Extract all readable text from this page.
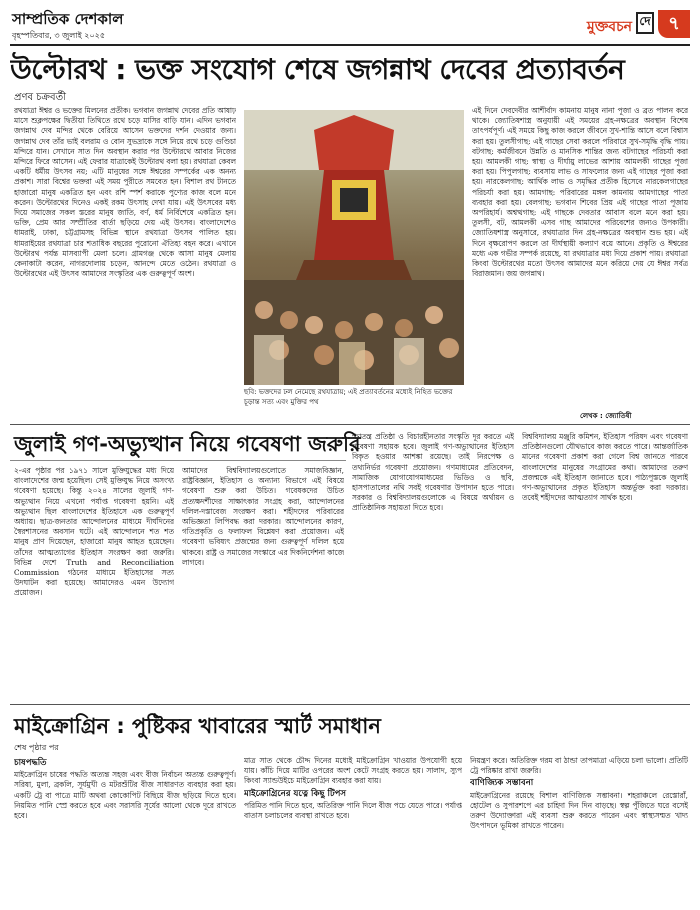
সাম্প্রতিক দেশকাল
বৃহস্পতিবার, ৩ জুলাই ২০২৫
মুক্তবচন দে ৭
উল্টোরথ : ভক্ত সংযোগ শেষে জগন্নাথ দেবের প্রত্যাবর্তন
প্রণব চক্রবর্তী

রথযাত্রা ঈশ্বর ও ভক্তের মিলনের প্রতীক। ভগবান জগন্নাথ দেবের প্রতি আষাঢ় মাসে শুক্লপক্ষের দ্বিতীয়া তিথিতে রথে চড়ে মাসির বাড়ি যান। এদিন ভগবান জগন্নাথ দেব মন্দির থেকে বেরিয়ে আসেন ভক্তদের দর্শন দেওয়ার জন্য। জগন্নাথ দেব তাঁর ভাই বলরাম ও বোন সুভদ্রাকে সঙ্গে নিয়ে রথে চড়ে গুণ্ডিচা মন্দিরে যান। সেখানে সাত দিন অবস্থান করার পর উল্টোরথে আবার নিজের মন্দিরে ফিরে আসেন। এই ফেরার যাত্রাকেই উল্টোরথ বলা হয়। রথযাত্রা কেবল একটি ধর্মীয় উৎসব নয়; এটি মানুষের সঙ্গে ঈশ্বরের সম্পর্কের এক অনন্য প্রকাশ। সারা বিশ্বের ভক্তরা এই সময় পুরীতে সমবেত হন। বিশাল রথ টানতে হাজারো মানুষ একত্রিত হন এবং রশি স্পর্শ করাকে পুণ্যের কাজ বলে মনে করেন। উল্টোরথের দিনেও একই রকম উৎসাহ দেখা যায়। এই উৎসবের মধ্য দিয়ে সমাজের সকল স্তরের মানুষ জাতি, বর্ণ, ধর্ম নির্বিশেষে একত্রিত হন। ভক্তি, প্রেম আর সম্প্রীতির বার্তা ছড়িয়ে দেয় এই উৎসব। বাংলাদেশেও ধামরাই, ঢাকা, চট্টগ্রামসহ বিভিন্ন স্থানে রথযাত্রা উৎসব পালিত হয়। ধামরাইয়ের রথযাত্রা চার শতাধিক বছরের পুরোনো ঐতিহ্য বহন করে। এখানে উল্টোরথ পর্যন্ত মাসব্যাপী মেলা চলে। গ্রামগঞ্জ থেকে আসা মানুষ মেলায় কেনাকাটা করেন, নাগরদোলায় চড়েন, আনন্দে মেতে ওঠেন। রথযাত্রা ও উল্টোরথের এই উৎসব আমাদের সংস্কৃতির এক গুরুত্বপূর্ণ অংশ।

ছবি: ভক্তদের ঢল নেমেছে রথযাত্রায়; এই প্রত্যাবর্তনের মধ্যেই নিহিত ভক্তের চূড়ান্ত সত্য এবং মুক্তির পথ

এই দিনে দেবদেবীর আশীর্বাদ কামনায় মানুষ নানা পূজা ও ব্রত পালন করে থাকে। জ্যোতিষশাস্ত্র অনুযায়ী এই সময়ের গ্রহ-নক্ষত্রের অবস্থান বিশেষ তাৎপর্যপূর্ণ। এই সময়ে কিছু কাজ করলে জীবনে সুখ-শান্তি আসে বলে বিশ্বাস করা হয়। তুলসীগাছ: এই গাছের সেবা করলে পরিবারে সুখ-সমৃদ্ধি বৃদ্ধি পায়। বটগাছ: কর্মজীবনে উন্নতি ও মানসিক শান্তির জন্য বটগাছের পরিচর্যা করা হয়। আমলকী গাছ: স্বাস্থ্য ও দীর্ঘায়ু লাভের আশায় আমলকী গাছের পূজা করা হয়। পিপুলগাছ: ব্যবসায় লাভ ও সাফল্যের জন্য এই গাছের পূজা করা হয়। নারকেলগাছ: আর্থিক লাভ ও সমৃদ্ধির প্রতীক হিসেবে নারকেলগাছের পরিচর্যা করা হয়। আমগাছ: পরিবারের মঙ্গল কামনায় আমগাছের পাতা ব্যবহার করা হয়। বেলগাছ: ভগবান শিবের প্রিয় এই গাছের পাতা পূজায় অপরিহার্য। অশ্বত্থগাছ: এই গাছকে দেবতার আবাস বলে মনে করা হয়। তুলসী, বট, আমলকী এসব গাছ আমাদের পরিবেশের জন্যও উপকারী। জ্যোতিষশাস্ত্র অনুসারে, রথযাত্রার দিন গ্রহ-নক্ষত্রের অবস্থান শুভ হয়। এই দিনে বৃক্ষরোপণ করলে তা দীর্ঘস্থায়ী কল্যাণ বয়ে আনে। প্রকৃতি ও ঈশ্বরের মধ্যে এক গভীর সম্পর্ক রয়েছে, যা রথযাত্রার মধ্য দিয়ে প্রকাশ পায়। রথযাত্রা কিংবা উল্টোরথের মতো উৎসব আমাদের মনে করিয়ে দেয় যে ঈশ্বর সর্বত্র বিরাজমান। জয় জগন্নাথ।

লেখক : জ্যোতিষী
জুলাই গণ-অভ্যুত্থান নিয়ে গবেষণা জরুরি

২-এর পৃষ্ঠার পর ১৯৭১ সালে মুক্তিযুদ্ধের মধ্য দিয়ে বাংলাদেশের জন্ম হয়েছিল। সেই মুক্তিযুদ্ধ নিয়ে অসংখ্য গবেষণা হয়েছে। কিন্তু ২০২৪ সালের জুলাই গণ-অভ্যুত্থান নিয়ে এখনো পর্যাপ্ত গবেষণা হয়নি। এই অভ্যুত্থান ছিল বাংলাদেশের ইতিহাসে এক গুরুত্বপূর্ণ অধ্যায়। ছাত্র-জনতার আন্দোলনের মাধ্যমে দীর্ঘদিনের স্বৈরশাসনের অবসান ঘটে। এই আন্দোলনে শত শত মানুষ প্রাণ দিয়েছেন, হাজারো মানুষ আহত হয়েছেন। তাঁদের আত্মত্যাগের ইতিহাস সংরক্ষণ করা জরুরি। বিভিন্ন দেশে Truth and Reconciliation Commission গঠনের মাধ্যমে ইতিহাসের সত্য উদঘাটন করা হয়েছে। আমাদেরও এমন উদ্যোগ প্রয়োজন।

আমাদের বিশ্ববিদ্যালয়গুলোতে সমাজবিজ্ঞান, রাষ্ট্রবিজ্ঞান, ইতিহাস ও অন্যান্য বিভাগে এই বিষয়ে গবেষণা শুরু করা উচিত। গবেষকদের উচিত প্রত্যক্ষদর্শীদের সাক্ষাৎকার সংগ্রহ করা, আন্দোলনের দলিল-দস্তাবেজ সংরক্ষণ করা। শহীদদের পরিবারের অভিজ্ঞতা লিপিবদ্ধ করা দরকার। আন্দোলনের কারণ, গতিপ্রকৃতি ও ফলাফল বিশ্লেষণ করা প্রয়োজন। এই গবেষণা ভবিষ্যৎ প্রজন্মের জন্য গুরুত্বপূর্ণ দলিল হয়ে থাকবে। রাষ্ট্র ও সমাজের সংস্কারে এর দিকনির্দেশনা কাজে লাগবে।

গণতন্ত্র প্রতিষ্ঠা ও বিচারহীনতার সংস্কৃতি দূর করতে এই গবেষণা সহায়ক হবে। জুলাই গণ-অভ্যুত্থানের ইতিহাস বিকৃত হওয়ার আশঙ্কা রয়েছে। তাই নিরপেক্ষ ও তথ্যনির্ভর গবেষণা প্রয়োজন। গণমাধ্যমের প্রতিবেদন, সামাজিক যোগাযোগমাধ্যমের ভিডিও ও ছবি, হাসপাতালের নথি সবই গবেষণার উপাদান হতে পারে। সরকার ও বিশ্ববিদ্যালয়গুলোকে এ বিষয়ে অর্থায়ন ও প্রাতিষ্ঠানিক সহায়তা দিতে হবে।

বিশ্ববিদ্যালয় মঞ্জুরি কমিশন, ইতিহাস পরিষদ এবং গবেষণা প্রতিষ্ঠানগুলো যৌথভাবে কাজ করতে পারে। আন্তর্জাতিক মানের গবেষণা প্রকাশ করা গেলে বিশ্ব জানতে পারবে বাংলাদেশের মানুষের সংগ্রামের কথা। আমাদের তরুণ প্রজন্মকে এই ইতিহাস জানাতে হবে। পাঠ্যপুস্তকে জুলাই গণ-অভ্যুত্থানের প্রকৃত ইতিহাস অন্তর্ভুক্ত করা দরকার। তবেই শহীদদের আত্মত্যাগ সার্থক হবে।

মাইক্রোগ্রিন : পুষ্টিকর খাবারের স্মার্ট সমাধান
শেষ পৃষ্ঠার পর
চাষপদ্ধতি

মাইক্রোগ্রিন চাষের পদ্ধতি অত্যন্ত সহজ এবং বীজ নির্বাচন অত্যন্ত গুরুত্বপূর্ণ। সরিষা, মুলা, ব্রকলি, সূর্যমুখী ও মটরশুঁটির বীজ সাধারণত ব্যবহার করা হয়। একটি ট্রে বা পাত্রে মাটি অথবা কোকোপিট বিছিয়ে বীজ ছড়িয়ে দিতে হবে। নিয়মিত পানি স্প্রে করতে হবে এবং সরাসরি সূর্যের আলো থেকে দূরে রাখতে হবে।

মাত্র সাত থেকে চৌদ্দ দিনের মধ্যেই মাইক্রোগ্রিন খাওয়ার উপযোগী হয়ে যায়। কাঁচি দিয়ে মাটির ওপরের অংশ কেটে সংগ্রহ করতে হয়। সালাদ, স্যুপ কিংবা স্যান্ডউইচে মাইক্রোগ্রিন ব্যবহার করা যায়।

মাইক্রোগ্রিনের যত্নে কিছু টিপস

পরিমিত পানি দিতে হবে, অতিরিক্ত পানি দিলে বীজ পচে যেতে পারে। পর্যাপ্ত বাতাস চলাচলের ব্যবস্থা রাখতে হবে।

নিয়ন্ত্রণ করে। অতিরিক্ত গরম বা ঠান্ডা তাপমাত্রা এড়িয়ে চলা ভালো। প্রতিটি ট্রে পরিষ্কার রাখা জরুরি।

বাণিজ্যিক সম্ভাবনা

মাইক্রোগ্রিনের রয়েছে বিশাল বাণিজ্যিক সম্ভাবনা। শহরাঞ্চলে রেস্তোরাঁ, হোটেল ও সুপারশপে এর চাহিদা দিন দিন বাড়ছে। স্বল্প পুঁজিতে ঘরে বসেই তরুণ উদ্যোক্তারা এই ব্যবসা শুরু করতে পারেন এবং স্বাস্থ্যসম্মত খাদ্য উৎপাদনে ভূমিকা রাখতে পারেন।
